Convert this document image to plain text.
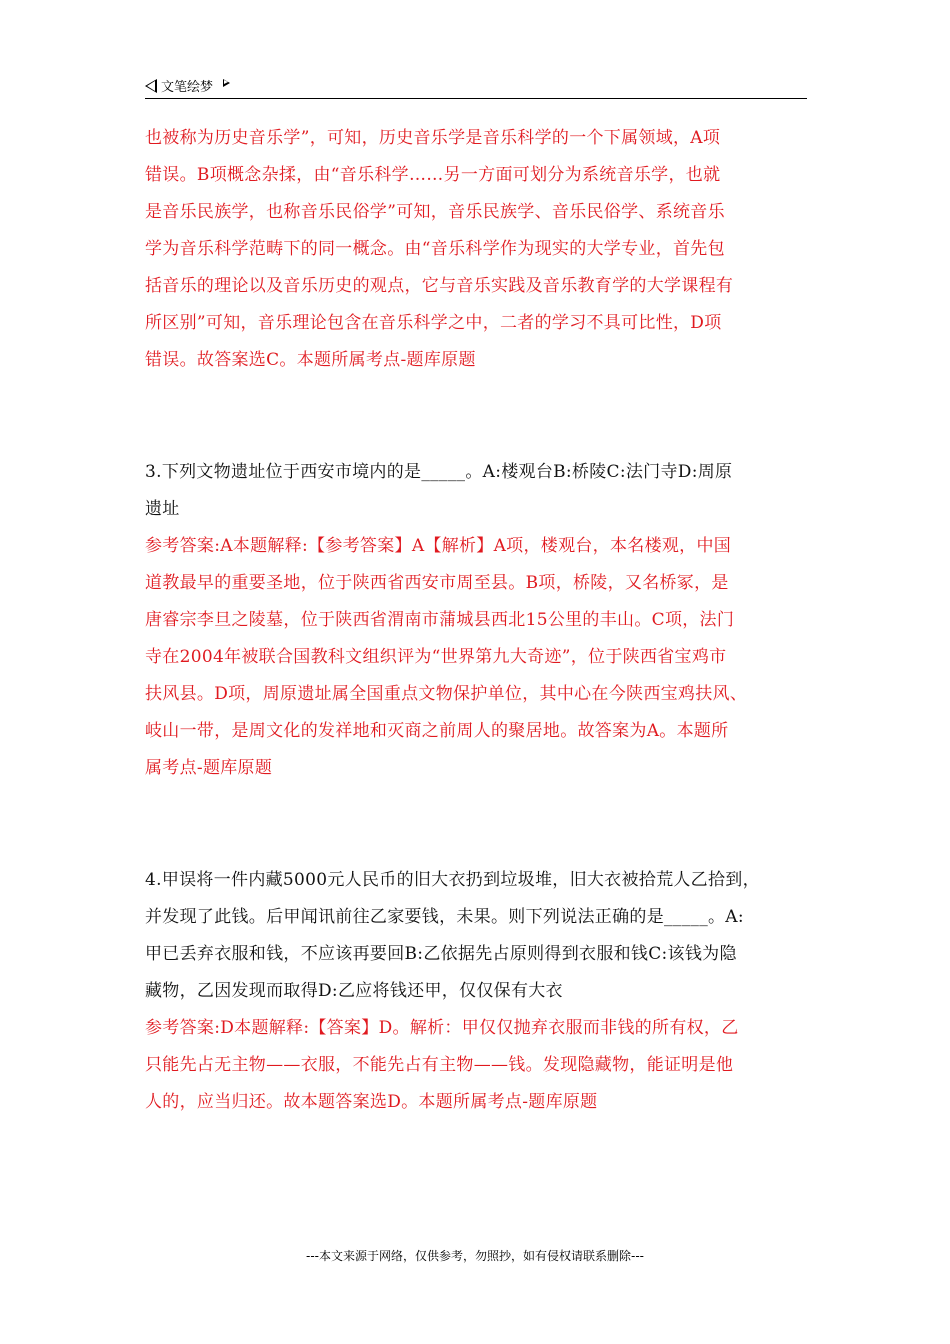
文笔绘梦
也被称为历史音乐学”，可知，历史音乐学是音乐科学的一个下属领域，A项
错误。B项概念杂揉，由“音乐科学……另一方面可划分为系统音乐学，也就
是音乐民族学，也称音乐民俗学”可知，音乐民族学、音乐民俗学、系统音乐
学为音乐科学范畴下的同一概念。由“音乐科学作为现实的大学专业，首先包
括音乐的理论以及音乐历史的观点，它与音乐实践及音乐教育学的大学课程有
所区别”可知，音乐理论包含在音乐科学之中，二者的学习不具可比性，D项
错误。故答案选C。本题所属考点-题库原题
3.下列文物遗址位于西安市境内的是_____。A:楼观台B:桥陵C:法门寺D:周原
遗址
参考答案:A本题解释:【参考答案】A【解析】A项，楼观台，本名楼观，中国
道教最早的重要圣地，位于陕西省西安市周至县。B项，桥陵，又名桥冢，是
唐睿宗李旦之陵墓，位于陕西省渭南市蒲城县西北15公里的丰山。C项，法门
寺在2004年被联合国教科文组织评为“世界第九大奇迹”，位于陕西省宝鸡市
扶风县。D项，周原遗址属全国重点文物保护单位，其中心在今陕西宝鸡扶风、
岐山一带，是周文化的发祥地和灭商之前周人的聚居地。故答案为A。本题所
属考点-题库原题
4.甲误将一件内藏5000元人民币的旧大衣扔到垃圾堆，旧大衣被拾荒人乙拾到，
并发现了此钱。后甲闻讯前往乙家要钱，未果。则下列说法正确的是_____。A:
甲已丢弃衣服和钱，不应该再要回B:乙依据先占原则得到衣服和钱C:该钱为隐
藏物，乙因发现而取得D:乙应将钱还甲，仅仅保有大衣
参考答案:D本题解释:【答案】D。解析：甲仅仅抛弃衣服而非钱的所有权，乙
只能先占无主物——衣服，不能先占有主物——钱。发现隐藏物，能证明是他
人的，应当归还。故本题答案选D。本题所属考点-题库原题
---本文来源于网络，仅供参考，勿照抄，如有侵权请联系删除---
